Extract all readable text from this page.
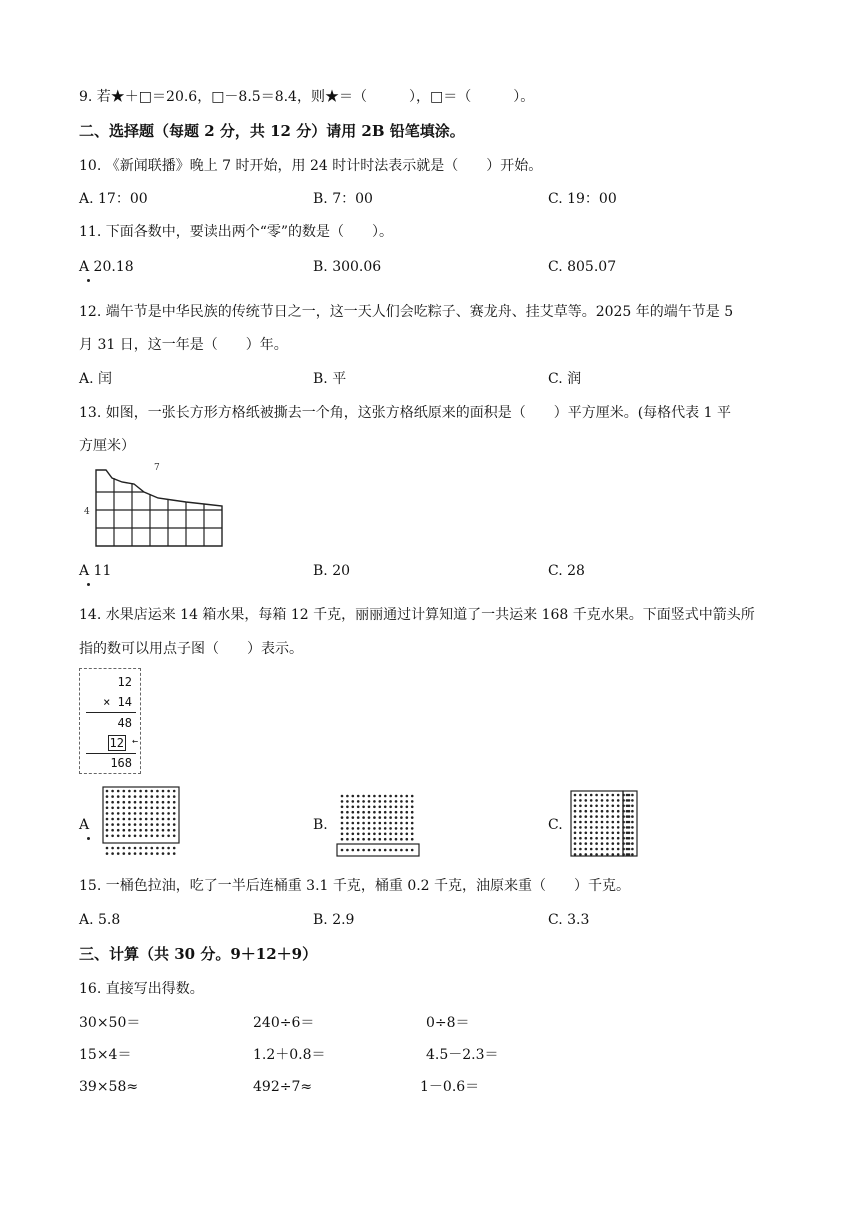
9. 若★＋□＝20.6，□－8.5＝8.4，则★＝（　　　），□＝（　　　）。
二、选择题（每题 2 分，共 12 分）请用 2B 铅笔填涂。
10. 《新闻联播》晚上 7 时开始，用 24 时计时法表示就是（　　）开始。
A. 17：00	B. 7：00	C. 19：00
11. 下面各数中，要读出两个“零”的数是（　　）。
A 20.18	B. 300.06	C. 805.07
12. 端午节是中华民族的传统节日之一，这一天人们会吃粽子、赛龙舟、挂艾草等。2025 年的端午节是 5
月 31 日，这一年是（　　）年。
A. 闰	B. 平	C. 润
13. 如图，一张长方形方格纸被撕去一个角，这张方格纸原来的面积是（　　）平方厘米。(每格代表 1 平
方厘米）
7
4
A 11	B. 20	C. 28
14. 水果店运来 14 箱水果，每箱 12 千克，丽丽通过计算知道了一共运来 168 千克水果。下面竖式中箭头所
指的数可以用点子图（　　）表示。
12
× 14
48
12 ←
168
A	B.	C.
15. 一桶色拉油，吃了一半后连桶重 3.1 千克，桶重 0.2 千克，油原来重（　　）千克。
A. 5.8	B. 2.9	C. 3.3
三、计算（共 30 分。9＋12＋9）
16. 直接写出得数。
30×50＝	240÷6＝	0÷8＝
15×4＝	1.2＋0.8＝	4.5－2.3＝
39×58≈	492÷7≈	1－0.6＝
